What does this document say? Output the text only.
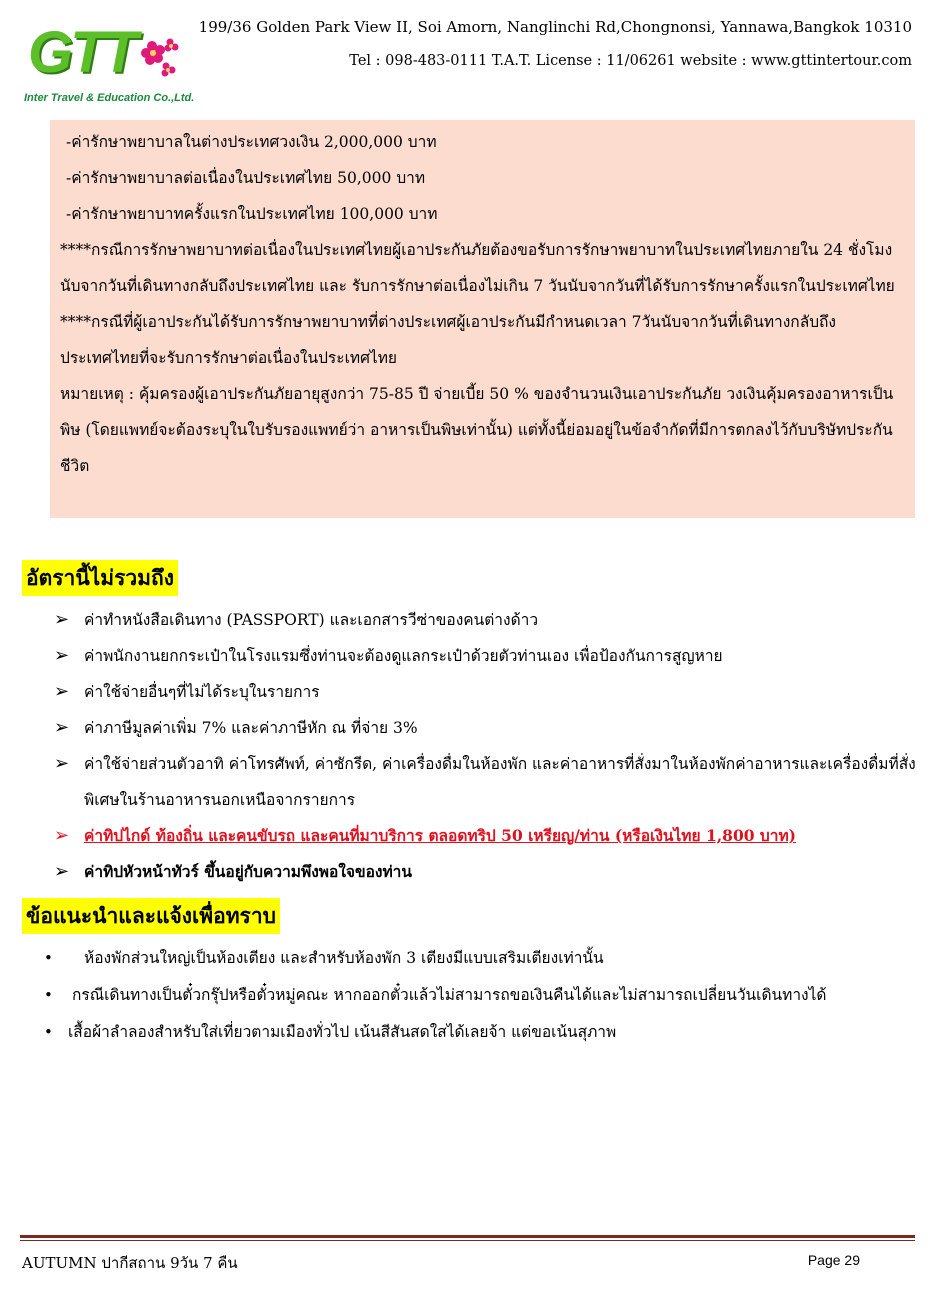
GTT
Inter Travel & Education Co.,Ltd.
199/36 Golden Park View II, Soi Amorn, Nanglinchi Rd,Chongnonsi, Yannawa,Bangkok 10310
Tel : 098-483-0111 T.A.T. License : 11/06261 website : www.gttintertour.com

-ค่ารักษาพยาบาลในต่างประเทศวงเงิน 2,000,000 บาท

-ค่ารักษาพยาบาลต่อเนื่องในประเทศไทย 50,000 บาท

-ค่ารักษาพยาบาทครั้งแรกในประเทศไทย 100,000 บาท

****กรณีการรักษาพยาบาทต่อเนื่องในประเทศไทยผู้เอาประกันภัยต้องขอรับการรักษาพยาบาทในประเทศไทยภายใน 24 ชั่งโมงนับจากวันที่เดินทางกลับถึงประเทศไทย และ รับการรักษาต่อเนื่องไม่เกิน 7 วันนับจากวันที่ได้รับการรักษาครั้งแรกในประเทศไทย

****กรณีที่ผู้เอาประกันได้รับการรักษาพยาบาทที่ต่างประเทศผู้เอาประกันมีกำหนดเวลา 7วันนับจากวันที่เดินทางกลับถึงประเทศไทยที่จะรับการรักษาต่อเนื่องในประเทศไทย

หมายเหตุ : คุ้มครองผู้เอาประกันภัยอายุสูงกว่า 75-85 ปี จ่ายเบี้ย 50 % ของจำนวนเงินเอาประกันภัย วงเงินคุ้มครองอาหารเป็นพิษ (โดยแพทย์จะต้องระบุในใบรับรองแพทย์ว่า อาหารเป็นพิษเท่านั้น) แต่ทั้งนี้ย่อมอยู่ในข้อจำกัดที่มีการตกลงไว้กับบริษัทประกันชีวิต

อัตรานี้ไม่รวมถึง
➢ ค่าทำหนังสือเดินทาง (PASSPORT) และเอกสารวีซ่าของคนต่างด้าว
➢ ค่าพนักงานยกกระเป๋าในโรงแรมซึ่งท่านจะต้องดูแลกระเป๋าด้วยตัวท่านเอง เพื่อป้องกันการสูญหาย
➢ ค่าใช้จ่ายอื่นๆที่ไม่ได้ระบุในรายการ
➢ ค่าภาษีมูลค่าเพิ่ม 7% และค่าภาษีหัก ณ ที่จ่าย 3%
➢ ค่าใช้จ่ายส่วนตัวอาทิ ค่าโทรศัพท์, ค่าซักรีด, ค่าเครื่องดื่มในห้องพัก และค่าอาหารที่สั่งมาในห้องพักค่าอาหารและเครื่องดื่มที่สั่งพิเศษในร้านอาหารนอกเหนือจากรายการ
➢ ค่าทิปไกด์ ท้องถิ่น และคนขับรถ และคนที่มาบริการ ตลอดทริป 50 เหรียญ/ท่าน (หรือเงินไทย 1,800 บาท)
➢ ค่าทิปหัวหน้าทัวร์ ขึ้นอยู่กับความพึงพอใจของท่าน
ข้อแนะนำและแจ้งเพื่อทราบ
• ห้องพักส่วนใหญ่เป็นห้องเตียง และสำหรับห้องพัก 3 เตียงมีแบบเสริมเตียงเท่านั้น
• กรณีเดินทางเป็นตั๋วกรุ๊ปหรือตั๋วหมู่คณะ หากออกตั๋วแล้วไม่สามารถขอเงินคืนได้และไม่สามารถเปลี่ยนวันเดินทางได้
• เสื้อผ้าลำลองสำหรับใส่เที่ยวตามเมืองทั่วไป เน้นสีสันสดใสได้เลยจ้า แต่ขอเน้นสุภาพ
AUTUMN ปากีสถาน 9วัน 7 คืน	Page 29
